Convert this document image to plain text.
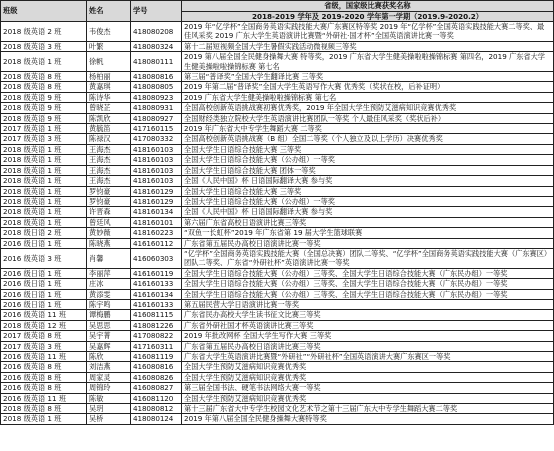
班级	姓名	学号	省级，国家级比赛获奖名称
			2018-2019 学年及 2019-2020 学年第一学期（2019.9-2020.2）
2018 级英语 2 班	韦俊杰	418080208	2019 年“亿学杯”全国商务英语实践技能大赛广东赛区特等奖 2019 年“亿学杯”全国英语实践技能大赛二等奖、最佳风采奖 2019 广东大学生英语演讲比赛暨“外研社·国才杯”全国英语演讲比赛一等奖
2018 级英语 3 班	叶繁	418080324	第十二届短视频全国大学生暑假实践活动微视频三等奖
2018 级英语 1 班	徐帆	418080111	2019 第八届全国全民健身操舞大赛 特等奖，2019 广东省大学生健美操啦啦操锦标赛 第四名，2019 广东省大学生健美操啦啦操锦标赛 第七名
2018 级英语 8 班	杨柏丽	418080816	第三届“普译奖”全国大学生翻译比赛 三等奖
2018 级英语 8 班	黄嘉琪	418080805	2019 年第二届“普译奖”全国大学生英语写作大赛 优秀奖（奖状在校，后补证明）
2018 级英语 9 班	陈诗华	418080923	2019 广东省大学生健美操啦啦操锦标赛 第七名
2018 级英语 9 班	曾晓芷	418080931	全国高校创新英语挑战赛初赛优秀奖，2019 年全国大学生预防艾滋病知识竞赛优秀奖
2018 级英语 9 班	陈凯欣	418080927	全国财经类独立院校大学生英语演讲比赛团队一等奖 个人最佳风采奖（奖状后补）
2017 级英语 1 班	黄毓笛	417160115	2019 年广东省大中专学生舞蹈大赛 二等奖
2017 级英语 3 班	陈禄汉	417080332	全国高校创新英语挑战赛（B 组）全国二等奖（个人独立及以上学历）决赛优秀奖
2018 级英语 1 班	王海杰	418160103	全国大学生日语综合技能大赛 三等奖
2018 级英语 1 班	王海杰	418160103	全国大学生日语综合技能大赛（公办组）一等奖
2018 级英语 1 班	王海杰	418160103	全国大学生日语综合技能大赛 团体一等奖
2018 级英语 1 班	王海杰	418160103	全国《人民中国》杯 日语国际翻译大赛 参与奖
2018 级英语 1 班	罗钧豪	418160129	全国大学生日语综合技能大赛 三等奖
2018 级英语 1 班	罗钧豪	418160129	全国大学生日语综合技能大赛（公办组）一等奖
2018 级英语 1 班	许晋森	418160134	全国《人民中国》杯 日语国际翻译大赛 参与奖
2018 级英语 1 班	曾廷风	418160101	第六届广东省高校日语演讲比赛三等奖
2018 级日语 2 班	黄妙薇	418160223	“双鱼一长虹杯”2019 年广东省第 19 届大学生篮球联赛
2016 级日语 1 班	陈晓燕	416160112	广东省第五届民办高校日语演讲比赛一等奖
2016 级英语 3 班	肖馨	416060303	“亿学杯”全国商务英语实践技能大赛（全国总决赛）团队二等奖、“亿学杯”全国商务英语实践技能大赛（广东赛区）团队二等奖、广东省“外研社杯”英语演讲比赛一等奖
2016 级日语 1 班	李丽萍	416160119	全国大学生日语综合技能大赛（公办组）三等奖、全国大学生日语综合技能大赛（广东民办组）一等奖
2016 级日语 1 班	庄冰	416160133	全国大学生日语综合技能大赛（公办组）三等奖、全国大学生日语综合技能大赛（广东民办组）一等奖
2016 级日语 1 班	黄添雯	416160134	全国大学生日语综合技能大赛（公办组）三等奖、全国大学生日语综合技能大赛（广东民办组）一等奖
2016 级日语 1 班	陈宇鸣	416160133	第五届民营大学日语演讲比赛一等奖
2016 级英语 11 班	谭梅鹏	416081115	广东省民办高校大学生读书征文比赛三等奖
2018 级英语 12 班	吴思思	418081226	广东省外研社国才杯英语演讲比赛三等奖
2017 级英语 8 班	吴宇菁	417080822	2019 年批改网杯 全国大学生写作大赛 三等奖
2017 级英语 3 班	吴嘉辉	417160311	广东省第五届民办高校日语演讲比赛三等奖
2016 级英语 11 班	陈欣	416081119	广东省大学生英语演讲比赛暨“外研社”“外研社杯”全国英语演讲大赛广东赛区一等奖
2016 级英语 8 班	刘洁燕	416080816	全国大学生预防艾滋病知识竞赛优秀奖
2016 级英语 8 班	周家灵	416080826	全国大学生预防艾滋病知识竞赛优秀奖
2016 级英语 8 班	周锦玲	416080827	第三届全国书法、硬笔书法网络大赛一等奖
2016 级英语 11 班	陈敏	416081120	全国大学生预防艾滋病知识竞赛优秀奖
2018 级英语 8 班	吴玥	418080812	第十三届广东省大中专学生校园文化艺术节之第十三届广东大中专学生舞蹈大赛二等奖
2018 级英语 1 班	吴桥	418080124	2019 年第八届全国全民健身操舞大赛特等奖
